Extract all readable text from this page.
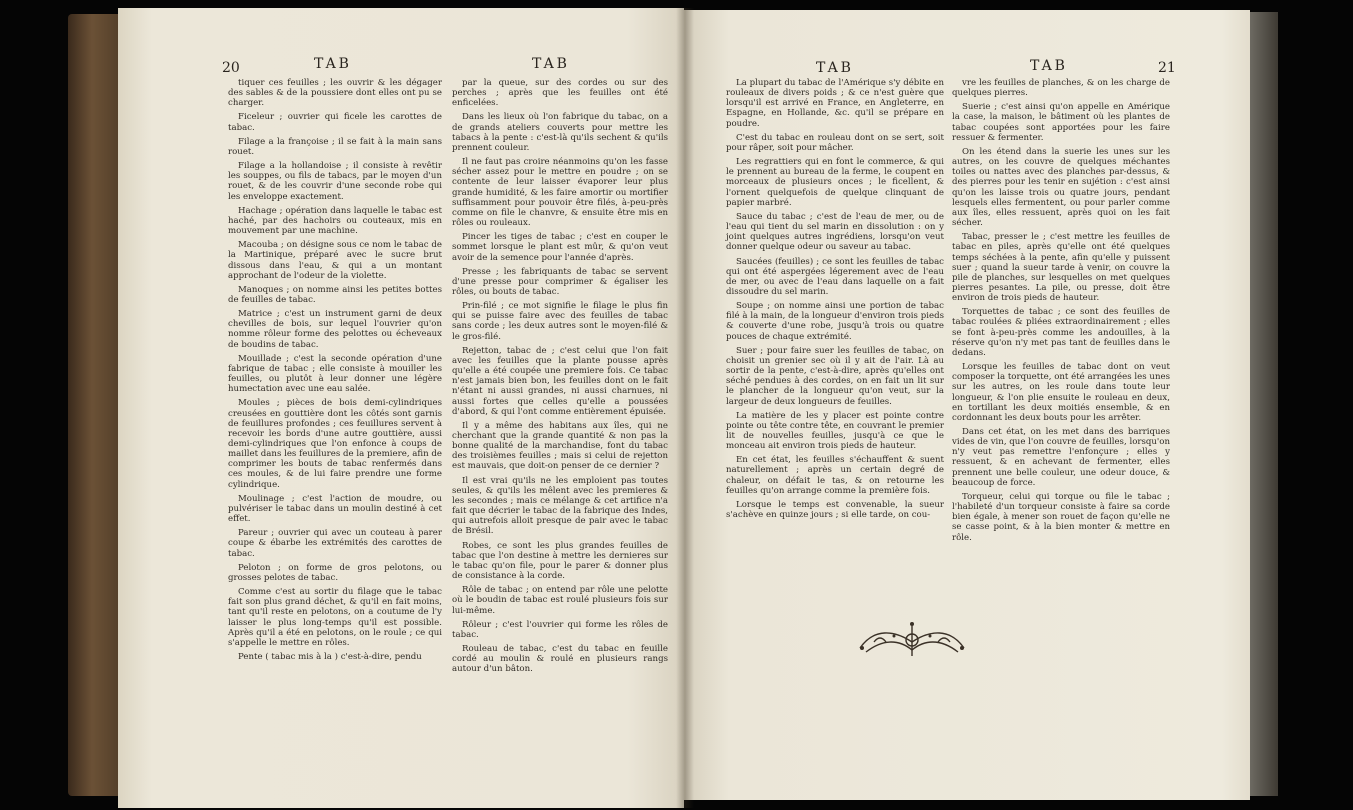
20	TAB	TAB

tiquer ces feuilles ; les ouvrir & les dégager des sables & de la poussiere dont elles ont pu se charger.

Ficeleur ; ouvrier qui ficele les carottes de tabac.

Filage a la françoise ; il se fait à la main sans rouet.

Filage a la hollandoise ; il consiste à revêtir les souppes, ou fils de tabacs, par le moyen d'un rouet, & de les couvrir d'une seconde robe qui les enveloppe exactement.

Hachage ; opération dans laquelle le tabac est haché, par des hachoirs ou couteaux, mis en mouvement par une machine.

Macouba ; on désigne sous ce nom le tabac de la Martinique, préparé avec le sucre brut dissous dans l'eau, & qui a un montant approchant de l'odeur de la violette.

Manoques ; on nomme ainsi les petites bottes de feuilles de tabac.

Matrice ; c'est un instrument garni de deux chevilles de bois, sur lequel l'ouvrier qu'on nomme rôleur forme des pelottes ou écheveaux de boudins de tabac.

Mouillade ; c'est la seconde opération d'une fabrique de tabac ; elle consiste à mouiller les feuilles, ou plutôt à leur donner une légère humectation avec une eau salée.

Moules ; pièces de bois demi-cylindriques creusées en gouttière dont les côtés sont garnis de feuillures profondes ; ces feuillures servent à recevoir les bords d'une autre gouttière, aussi demi-cylindriques que l'on enfonce à coups de maillet dans les feuillures de la premiere, afin de comprimer les bouts de tabac renfermés dans ces moules, & de lui faire prendre une forme cylindrique.

Moulinage ; c'est l'action de moudre, ou pulvériser le tabac dans un moulin destiné à cet effet.

Pareur ; ouvrier qui avec un couteau à parer coupe & ébarbe les extrémités des carottes de tabac.

Peloton ; on forme de gros pelotons, ou grosses pelotes de tabac.

Comme c'est au sortir du filage que le tabac fait son plus grand déchet, & qu'il en fait moins, tant qu'il reste en pelotons, on a coutume de l'y laisser le plus long-temps qu'il est possible. Après qu'il a été en pelotons, on le roule ; ce qui s'appelle le mettre en rôles.

Pente ( tabac mis à la ) c'est-à-dire, pendu

par la queue, sur des cordes ou sur des perches ; après que les feuilles ont été enficelées.

Dans les lieux où l'on fabrique du tabac, on a de grands ateliers couverts pour mettre les tabacs à la pente : c'est-là qu'ils sechent & qu'ils prennent couleur.

Il ne faut pas croire néanmoins qu'on les fasse sécher assez pour le mettre en poudre ; on se contente de leur laisser évaporer leur plus grande humidité, & les faire amortir ou mortifier suffisamment pour pouvoir être filés, à-peu-près comme on file le chanvre, & ensuite être mis en rôles ou rouleaux.

Pincer les tiges de tabac ; c'est en couper le sommet lorsque le plant est mûr, & qu'on veut avoir de la semence pour l'année d'après.

Presse ; les fabriquants de tabac se servent d'une presse pour comprimer & égaliser les rôles, ou bouts de tabac.

Prin-filé ; ce mot signifie le filage le plus fin qui se puisse faire avec des feuilles de tabac sans corde ; les deux autres sont le moyen-filé & le gros-filé.

Rejetton, tabac de ; c'est celui que l'on fait avec les feuilles que la plante pousse après qu'elle a été coupée une premiere fois. Ce tabac n'est jamais bien bon, les feuilles dont on le fait n'étant ni aussi grandes, ni aussi charnues, ni aussi fortes que celles qu'elle a poussées d'abord, & qui l'ont comme entièrement épuisée.

Il y a même des habitans aux îles, qui ne cherchant que la grande quantité & non pas la bonne qualité de la marchandise, font du tabac des troisièmes feuilles ; mais si celui de rejetton est mauvais, que doit-on penser de ce dernier ?

Il est vrai qu'ils ne les emploient pas toutes seules, & qu'ils les mêlent avec les premieres & les secondes ; mais ce mélange & cet artifice n'a fait que décrier le tabac de la fabrique des Indes, qui autrefois alloit presque de pair avec le tabac de Brésil.

Robes, ce sont les plus grandes feuilles de tabac que l'on destine à mettre les dernieres sur le tabac qu'on file, pour le parer & donner plus de consistance à la corde.

Rôle de tabac ; on entend par rôle une pelotte où le boudin de tabac est roulé plusieurs fois sur lui-même.

Rôleur ; c'est l'ouvrier qui forme les rôles de tabac.

Rouleau de tabac, c'est du tabac en feuille cordé au moulin & roulé en plusieurs rangs autour d'un bâton.

TAB	TAB	21

La plupart du tabac de l'Amérique s'y débite en rouleaux de divers poids ; & ce n'est guère que lorsqu'il est arrivé en France, en Angleterre, en Espagne, en Hollande, &c. qu'il se prépare en poudre.

C'est du tabac en rouleau dont on se sert, soit pour râper, soit pour mâcher.

Les regrattiers qui en font le commerce, & qui le prennent au bureau de la ferme, le coupent en morceaux de plusieurs onces ; le ficellent, & l'ornent quelquefois de quelque clinquant de papier marbré.

Sauce du tabac ; c'est de l'eau de mer, ou de l'eau qui tient du sel marin en dissolution : on y joint quelques autres ingrédiens, lorsqu'on veut donner quelque odeur ou saveur au tabac.

Saucées (feuilles) ; ce sont les feuilles de tabac qui ont été aspergées légerement avec de l'eau de mer, ou avec de l'eau dans laquelle on a fait dissoudre du sel marin.

Soupe ; on nomme ainsi une portion de tabac filé à la main, de la longueur d'environ trois pieds & couverte d'une robe, jusqu'à trois ou quatre pouces de chaque extrémité.

Suer ; pour faire suer les feuilles de tabac, on choisit un grenier sec où il y ait de l'air. Là au sortir de la pente, c'est-à-dire, après qu'elles ont séché pendues à des cordes, on en fait un lit sur le plancher de la longueur qu'on veut, sur la largeur de deux longueurs de feuilles.

La matière de les y placer est pointe contre pointe ou tête contre tête, en couvrant le premier lit de nouvelles feuilles, jusqu'à ce que le monceau ait environ trois pieds de hauteur.

En cet état, les feuilles s'échauffent & suent naturellement ; après un certain degré de chaleur, on défait le tas, & on retourne les feuilles qu'on arrange comme la première fois.

Lorsque le temps est convenable, la sueur s'achève en quinze jours ; si elle tarde, on cou-

vre les feuilles de planches, & on les charge de quelques pierres.

Suerie ; c'est ainsi qu'on appelle en Amérique la case, la maison, le bâtiment où les plantes de tabac coupées sont apportées pour les faire ressuer & fermenter.

On les étend dans la suerie les unes sur les autres, on les couvre de quelques méchantes toiles ou nattes avec des planches par-dessus, & des pierres pour les tenir en sujétion : c'est ainsi qu'on les laisse trois ou quatre jours, pendant lesquels elles fermentent, ou pour parler comme aux îles, elles ressuent, après quoi on les fait sécher.

Tabac, presser le ; c'est mettre les feuilles de tabac en piles, après qu'elle ont été quelques temps séchées à la pente, afin qu'elle y puissent suer ; quand la sueur tarde à venir, on couvre la pile de planches, sur lesquelles on met quelques pierres pesantes. La pile, ou presse, doit être environ de trois pieds de hauteur.

Torquettes de tabac ; ce sont des feuilles de tabac roulées & pliées extraordinairement ; elles se font à-peu-près comme les andouilles, à la réserve qu'on n'y met pas tant de feuilles dans le dedans.

Lorsque les feuilles de tabac dont on veut composer la torquette, ont été arrangées les unes sur les autres, on les roule dans toute leur longueur, & l'on plie ensuite le rouleau en deux, en tortillant les deux moitiés ensemble, & en cordonnant les deux bouts pour les arrêter.

Dans cet état, on les met dans des barriques vides de vin, que l'on couvre de feuilles, lorsqu'on n'y veut pas remettre l'enfonçure ; elles y ressuent, & en achevant de fermenter, elles prennent une belle couleur, une odeur douce, & beaucoup de force.

Torqueur, celui qui torque ou file le tabac ; l'habileté d'un torqueur consiste à faire sa corde bien égale, à mener son rouet de façon qu'elle ne se casse point, & à la bien monter & mettre en rôle.
